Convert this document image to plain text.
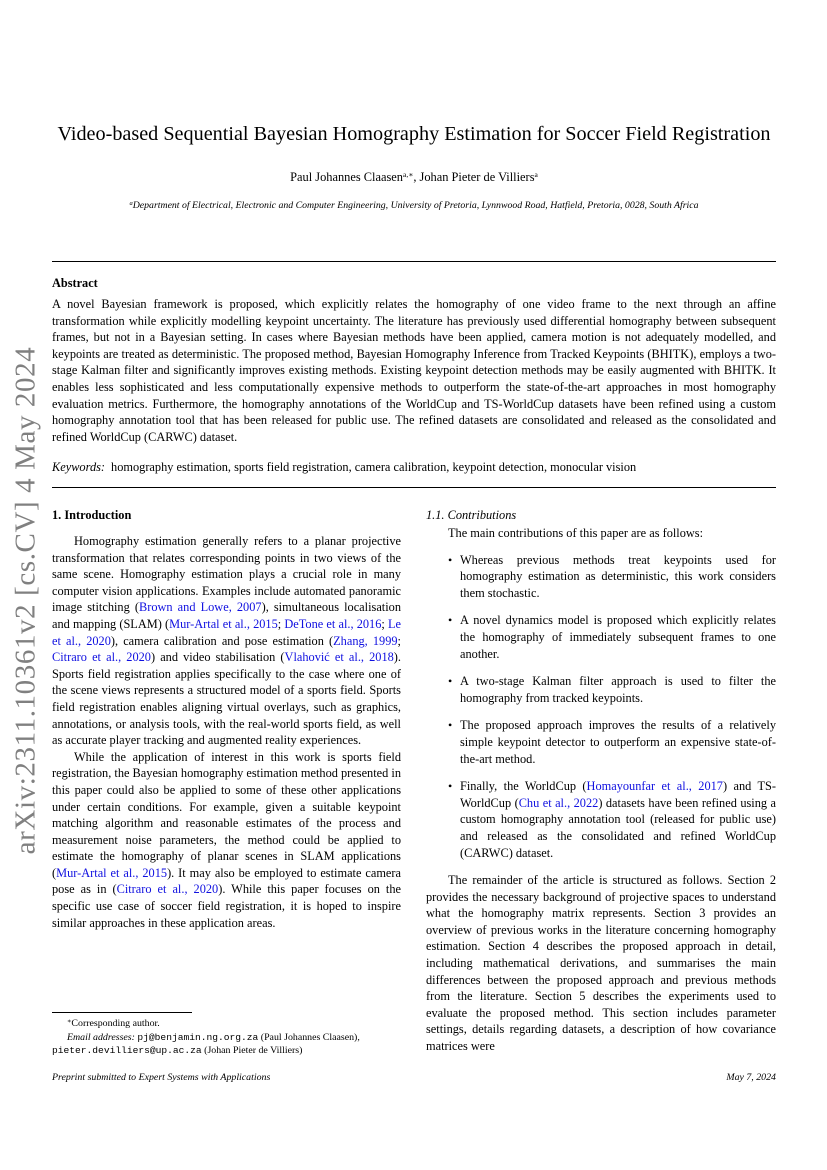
arXiv:2311.10361v2 [cs.CV] 4 May 2024
Video-based Sequential Bayesian Homography Estimation for Soccer Field Registration
Paul Johannes Claasen$^{a,∗}$, Johan Pieter de Villiers$^a$
$^a$Department of Electrical, Electronic and Computer Engineering, University of Pretoria, Lynnwood Road, Hatfield, Pretoria, 0028, South Africa
Abstract
A novel Bayesian framework is proposed, which explicitly relates the homography of one video frame to the next through an affine transformation while explicitly modelling keypoint uncertainty. The literature has previously used differential homography between subsequent frames, but not in a Bayesian setting. In cases where Bayesian methods have been applied, camera motion is not adequately modelled, and keypoints are treated as deterministic. The proposed method, Bayesian Homography Inference from Tracked Keypoints (BHITK), employs a two-stage Kalman filter and significantly improves existing methods. Existing keypoint detection methods may be easily augmented with BHITK. It enables less sophisticated and less computationally expensive methods to outperform the state-of-the-art approaches in most homography evaluation metrics. Furthermore, the homography annotations of the WorldCup and TS-WorldCup datasets have been refined using a custom homography annotation tool that has been released for public use. The refined datasets are consolidated and released as the consolidated and refined WorldCup (CARWC) dataset.
Keywords: homography estimation, sports field registration, camera calibration, keypoint detection, monocular vision
1. Introduction

Homography estimation generally refers to a planar projective transformation that relates corresponding points in two views of the same scene. Homography estimation plays a crucial role in many computer vision applications. Examples include automated panoramic image stitching (Brown and Lowe, 2007), simultaneous localisation and mapping (SLAM) (Mur-Artal et al., 2015; DeTone et al., 2016; Le et al., 2020), camera calibration and pose estimation (Zhang, 1999; Citraro et al., 2020) and video stabilisation (Vlahović et al., 2018). Sports field registration applies specifically to the case where one of the scene views represents a structured model of a sports field. Sports field registration enables aligning virtual overlays, such as graphics, annotations, or analysis tools, with the real-world sports field, as well as accurate player tracking and augmented reality experiences.

While the application of interest in this work is sports field registration, the Bayesian homography estimation method presented in this paper could also be applied to some of these other applications under certain conditions. For example, given a suitable keypoint matching algorithm and reasonable estimates of the process and measurement noise parameters, the method could be applied to estimate the homography of planar scenes in SLAM applications (Mur-Artal et al., 2015). It may also be employed to estimate camera pose as in (Citraro et al., 2020). While this paper focuses on the specific use case of soccer field registration, it is hoped to inspire similar approaches in these application areas.

1.1. Contributions

The main contributions of this paper are as follows:

• Whereas previous methods treat keypoints used for homography estimation as deterministic, this work considers them stochastic.
• A novel dynamics model is proposed which explicitly relates the homography of immediately subsequent frames to one another.
• A two-stage Kalman filter approach is used to filter the homography from tracked keypoints.
• The proposed approach improves the results of a relatively simple keypoint detector to outperform an expensive state-of-the-art method.
• Finally, the WorldCup (Homayounfar et al., 2017) and TS-WorldCup (Chu et al., 2022) datasets have been refined using a custom homography annotation tool (released for public use) and released as the consolidated and refined WorldCup (CARWC) dataset.

The remainder of the article is structured as follows. Section 2 provides the necessary background of projective spaces to understand what the homography matrix represents. Section 3 provides an overview of previous works in the literature concerning homography estimation. Section 4 describes the proposed approach in detail, including mathematical derivations, and summarises the main differences between the proposed approach and previous methods from the literature. Section 5 describes the experiments used to evaluate the proposed method. This section includes parameter settings, details regarding datasets, a description of how covariance matrices were

∗Corresponding author.
Email addresses: pj@benjamin.ng.org.za (Paul Johannes Claasen),
pieter.devilliers@up.ac.za (Johan Pieter de Villiers)
Preprint submitted to Expert Systems with Applications	May 7, 2024
